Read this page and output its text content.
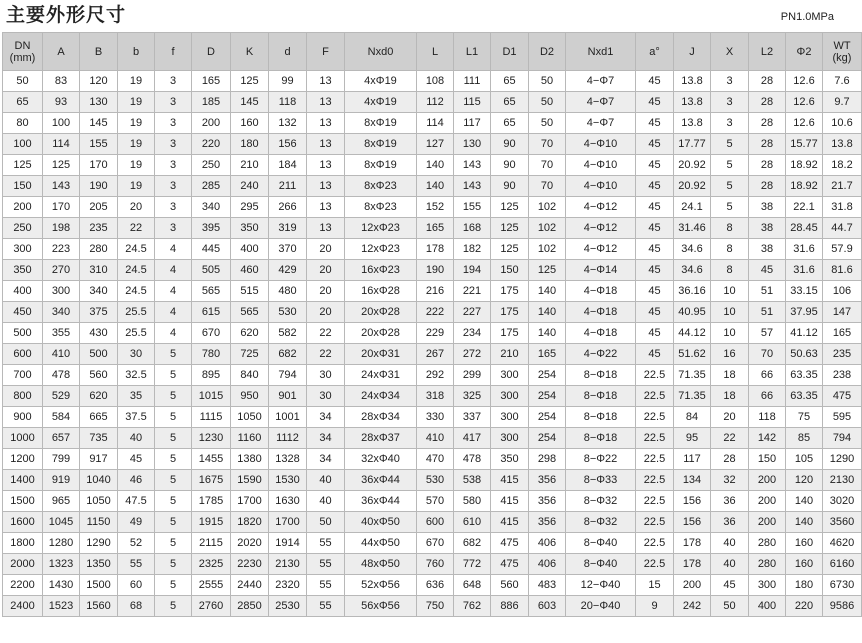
主要外形尺寸	PN1.0MPa
DN
(mm)	A	B	b	f	D	K	d	F	Nxd0	L	L1	D1	D2	Nxd1	a°	J	X	L2	Φ2	WT
(kg)
50	83	120	19	3	165	125	99	13	4xΦ19	108	111	65	50	4−Φ7	45	13.8	3	28	12.6	7.6
65	93	130	19	3	185	145	118	13	4xΦ19	112	115	65	50	4−Φ7	45	13.8	3	28	12.6	9.7
80	100	145	19	3	200	160	132	13	8xΦ19	114	117	65	50	4−Φ7	45	13.8	3	28	12.6	10.6
100	114	155	19	3	220	180	156	13	8xΦ19	127	130	90	70	4−Φ10	45	17.77	5	28	15.77	13.8
125	125	170	19	3	250	210	184	13	8xΦ19	140	143	90	70	4−Φ10	45	20.92	5	28	18.92	18.2
150	143	190	19	3	285	240	211	13	8xΦ23	140	143	90	70	4−Φ10	45	20.92	5	28	18.92	21.7
200	170	205	20	3	340	295	266	13	8xΦ23	152	155	125	102	4−Φ12	45	24.1	5	38	22.1	31.8
250	198	235	22	3	395	350	319	13	12xΦ23	165	168	125	102	4−Φ12	45	31.46	8	38	28.45	44.7
300	223	280	24.5	4	445	400	370	20	12xΦ23	178	182	125	102	4−Φ12	45	34.6	8	38	31.6	57.9
350	270	310	24.5	4	505	460	429	20	16xΦ23	190	194	150	125	4−Φ14	45	34.6	8	45	31.6	81.6
400	300	340	24.5	4	565	515	480	20	16xΦ28	216	221	175	140	4−Φ18	45	36.16	10	51	33.15	106
450	340	375	25.5	4	615	565	530	20	20xΦ28	222	227	175	140	4−Φ18	45	40.95	10	51	37.95	147
500	355	430	25.5	4	670	620	582	22	20xΦ28	229	234	175	140	4−Φ18	45	44.12	10	57	41.12	165
600	410	500	30	5	780	725	682	22	20xΦ31	267	272	210	165	4−Φ22	45	51.62	16	70	50.63	235
700	478	560	32.5	5	895	840	794	30	24xΦ31	292	299	300	254	8−Φ18	22.5	71.35	18	66	63.35	238
800	529	620	35	5	1015	950	901	30	24xΦ34	318	325	300	254	8−Φ18	22.5	71.35	18	66	63.35	475
900	584	665	37.5	5	1115	1050	1001	34	28xΦ34	330	337	300	254	8−Φ18	22.5	84	20	118	75	595
1000	657	735	40	5	1230	1160	1112	34	28xΦ37	410	417	300	254	8−Φ18	22.5	95	22	142	85	794
1200	799	917	45	5	1455	1380	1328	34	32xΦ40	470	478	350	298	8−Φ22	22.5	117	28	150	105	1290
1400	919	1040	46	5	1675	1590	1530	40	36xΦ44	530	538	415	356	8−Φ33	22.5	134	32	200	120	2130
1500	965	1050	47.5	5	1785	1700	1630	40	36xΦ44	570	580	415	356	8−Φ32	22.5	156	36	200	140	3020
1600	1045	1150	49	5	1915	1820	1700	50	40xΦ50	600	610	415	356	8−Φ32	22.5	156	36	200	140	3560
1800	1280	1290	52	5	2115	2020	1914	55	44xΦ50	670	682	475	406	8−Φ40	22.5	178	40	280	160	4620
2000	1323	1350	55	5	2325	2230	2130	55	48xΦ50	760	772	475	406	8−Φ40	22.5	178	40	280	160	6160
2200	1430	1500	60	5	2555	2440	2320	55	52xΦ56	636	648	560	483	12−Φ40	15	200	45	300	180	6730
2400	1523	1560	68	5	2760	2850	2530	55	56xΦ56	750	762	886	603	20−Φ40	9	242	50	400	220	9586
